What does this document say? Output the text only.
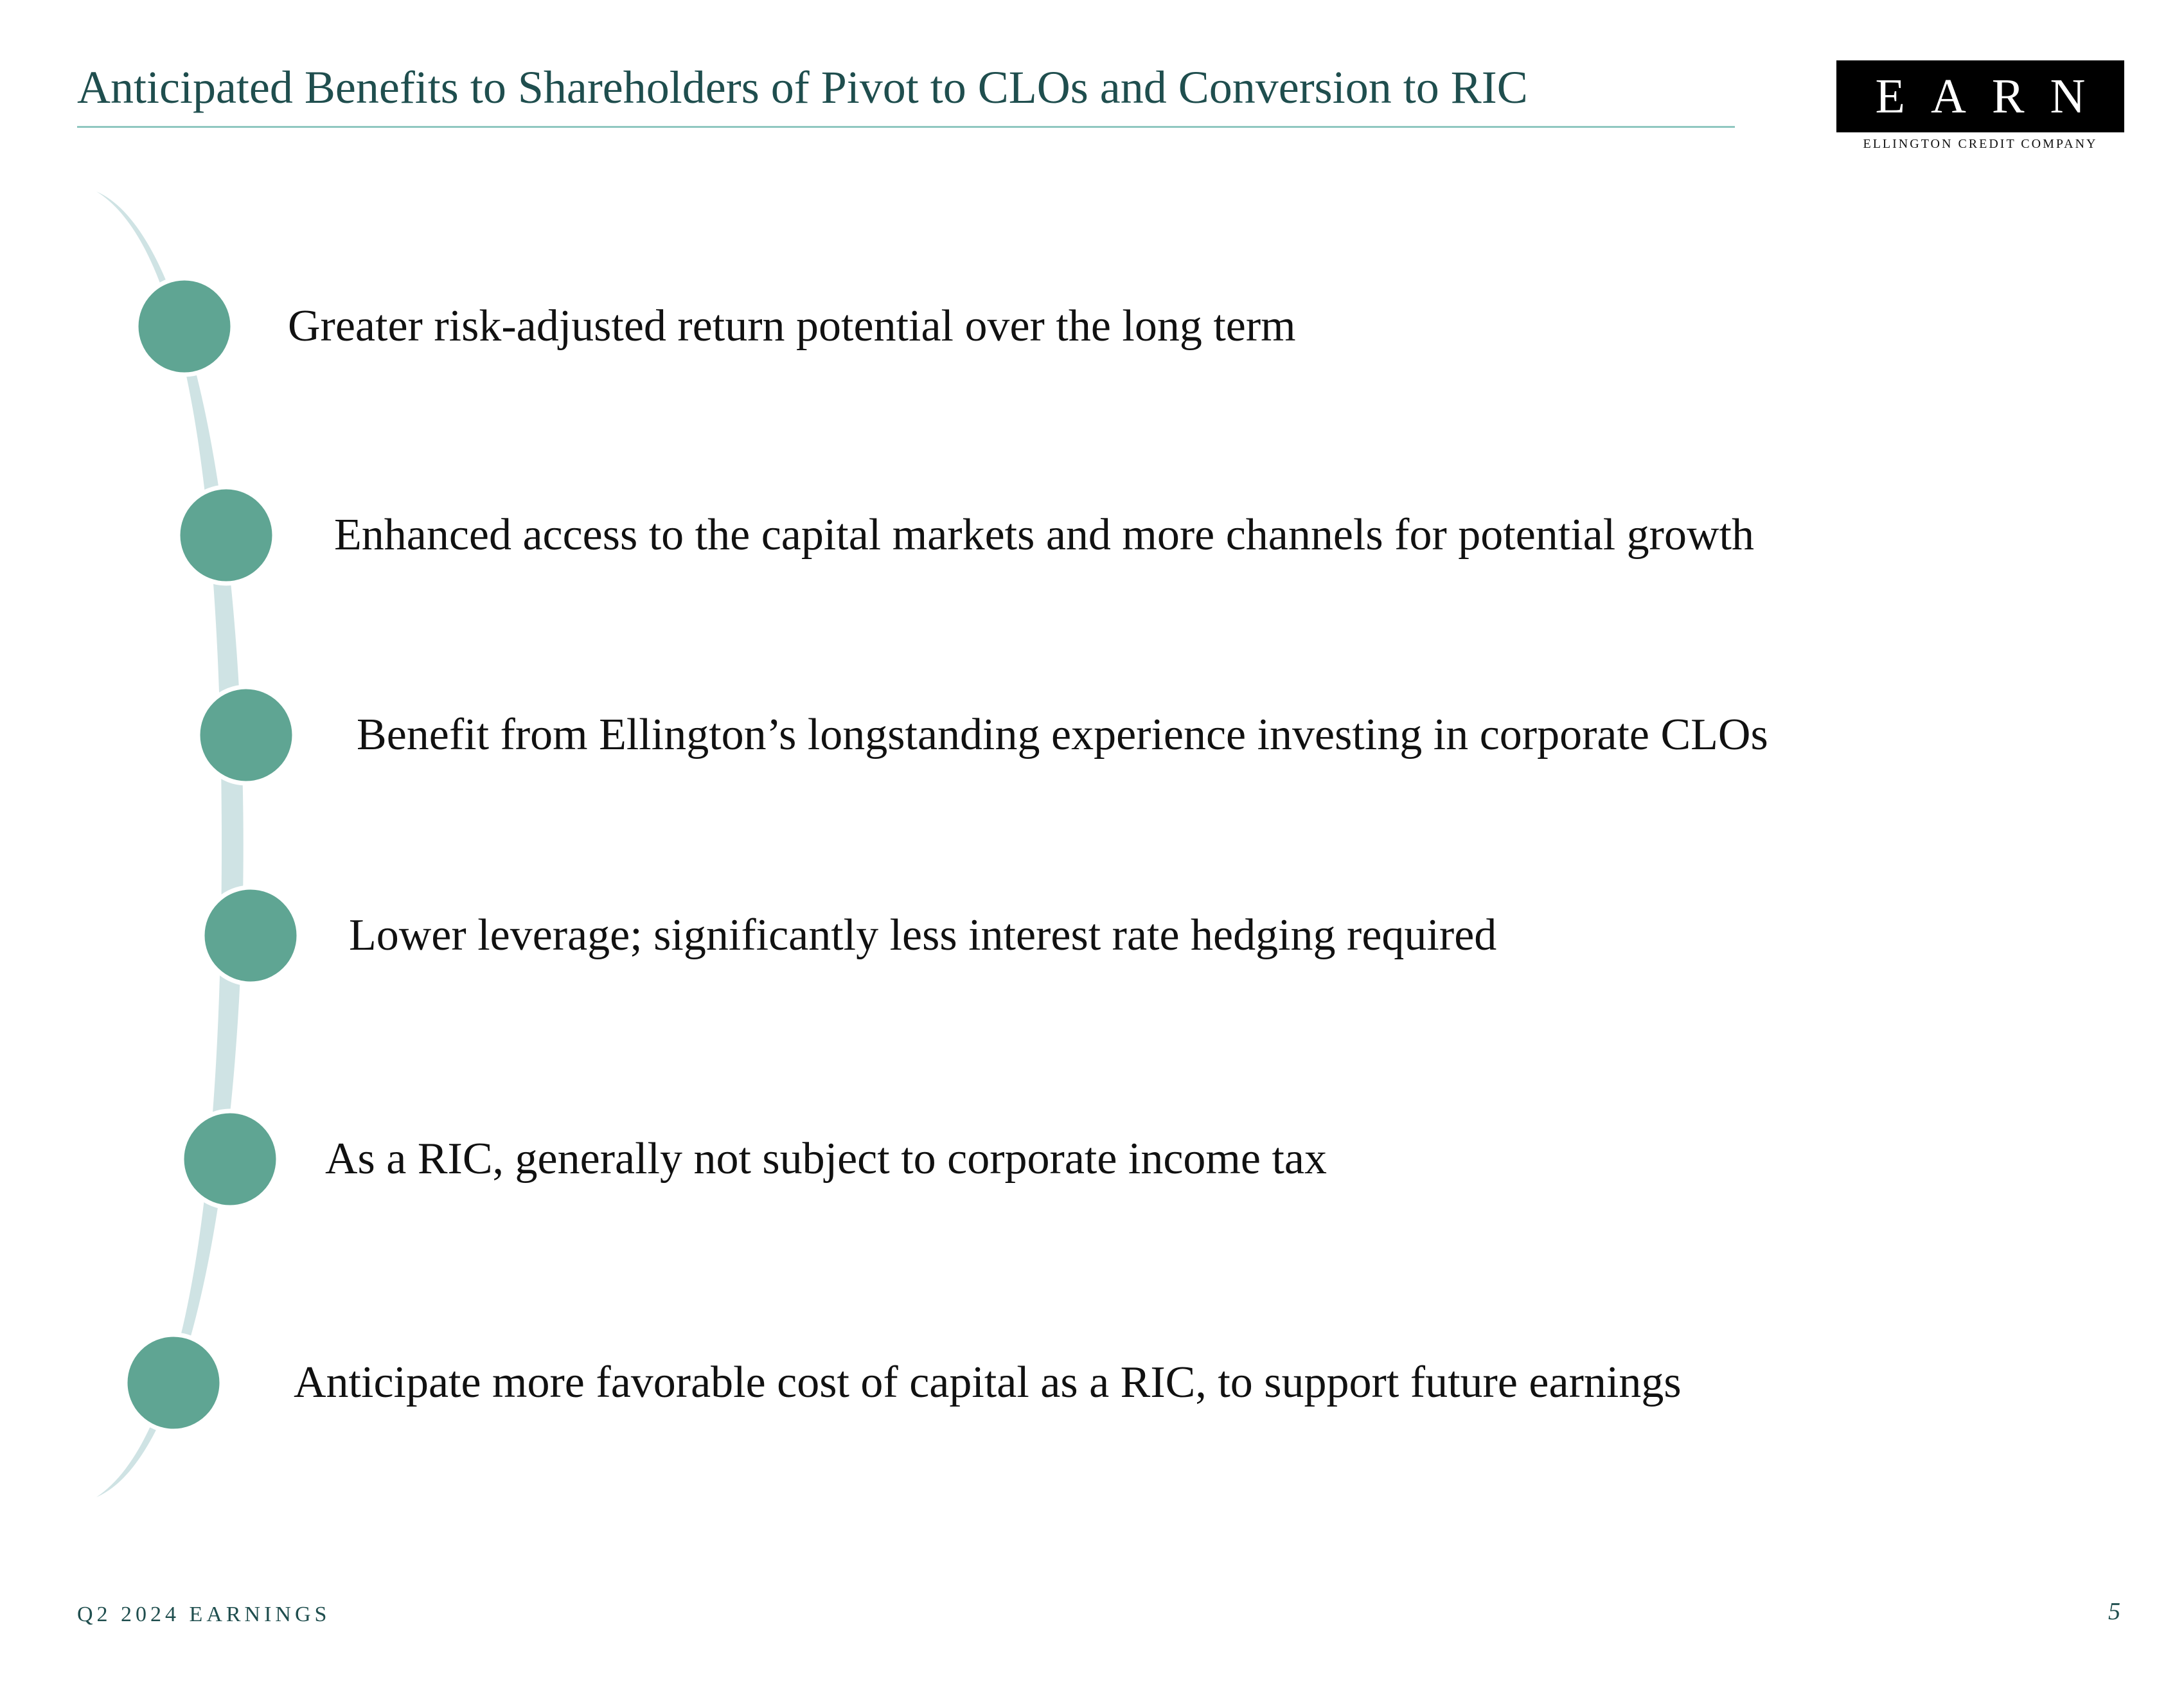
Anticipated Benefits to Shareholders of Pivot to CLOs and Conversion to RIC	EARN
ELLINGTON CREDIT COMPANY
Greater risk-adjusted return potential over the long term
Enhanced access to the capital markets and more channels for potential growth
Benefit from Ellington’s longstanding experience investing in corporate CLOs
Lower leverage; significantly less interest rate hedging required
As a RIC, generally not subject to corporate income tax
Anticipate more favorable cost of capital as a RIC, to support future earnings
Q2 2024 EARNINGS	5
